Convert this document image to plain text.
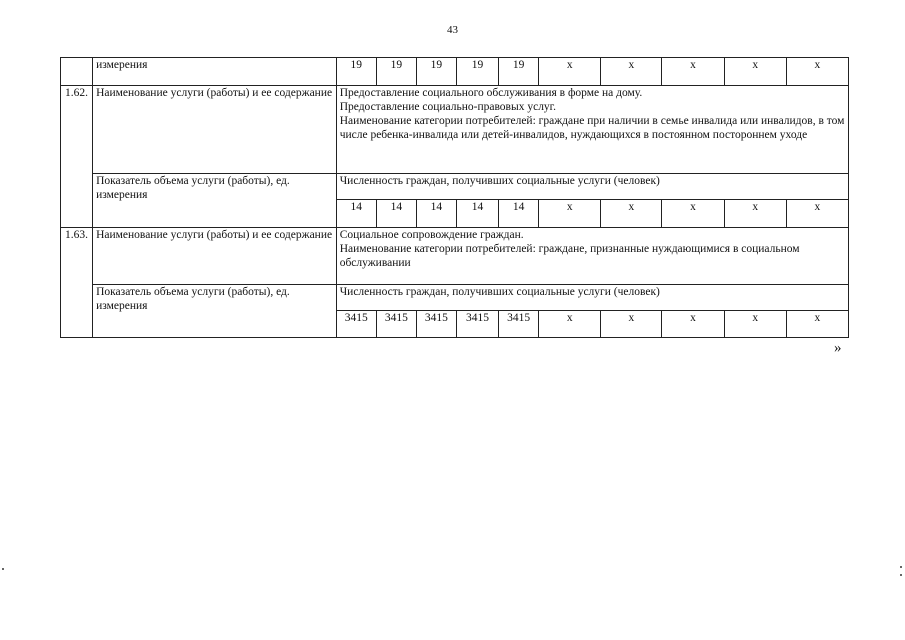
43
	измерения	19	19	19	19	19	х	х	х	х	х
1.62.	Наименование услуги (работы) и ее содержание	Предоставление социального обслуживания в форме на дому.
Предоставление социально-правовых услуг.
Наименование категории потребителей: граждане при наличии в семье инвалида или инвалидов, в том числе ребенка-инвалида или детей-инвалидов, нуждающихся в постоянном постороннем уходе									

	Показатель объема услуги (работы), ед. измерения	Численность граждан, получивших социальные услуги (человек)									
		14	14	14	14	14	х	х	х	х	х
1.63.	Наименование услуги (работы) и ее содержание	Социальное сопровождение граждан.
Наименование категории потребителей: граждане, признанные нуждающимися в социальном обслуживании									

	Показатель объема услуги (работы), ед. измерения	Численность граждан, получивших социальные услуги (человек)									
		3415	3415	3415	3415	3415	х	х	х	х	х
»
